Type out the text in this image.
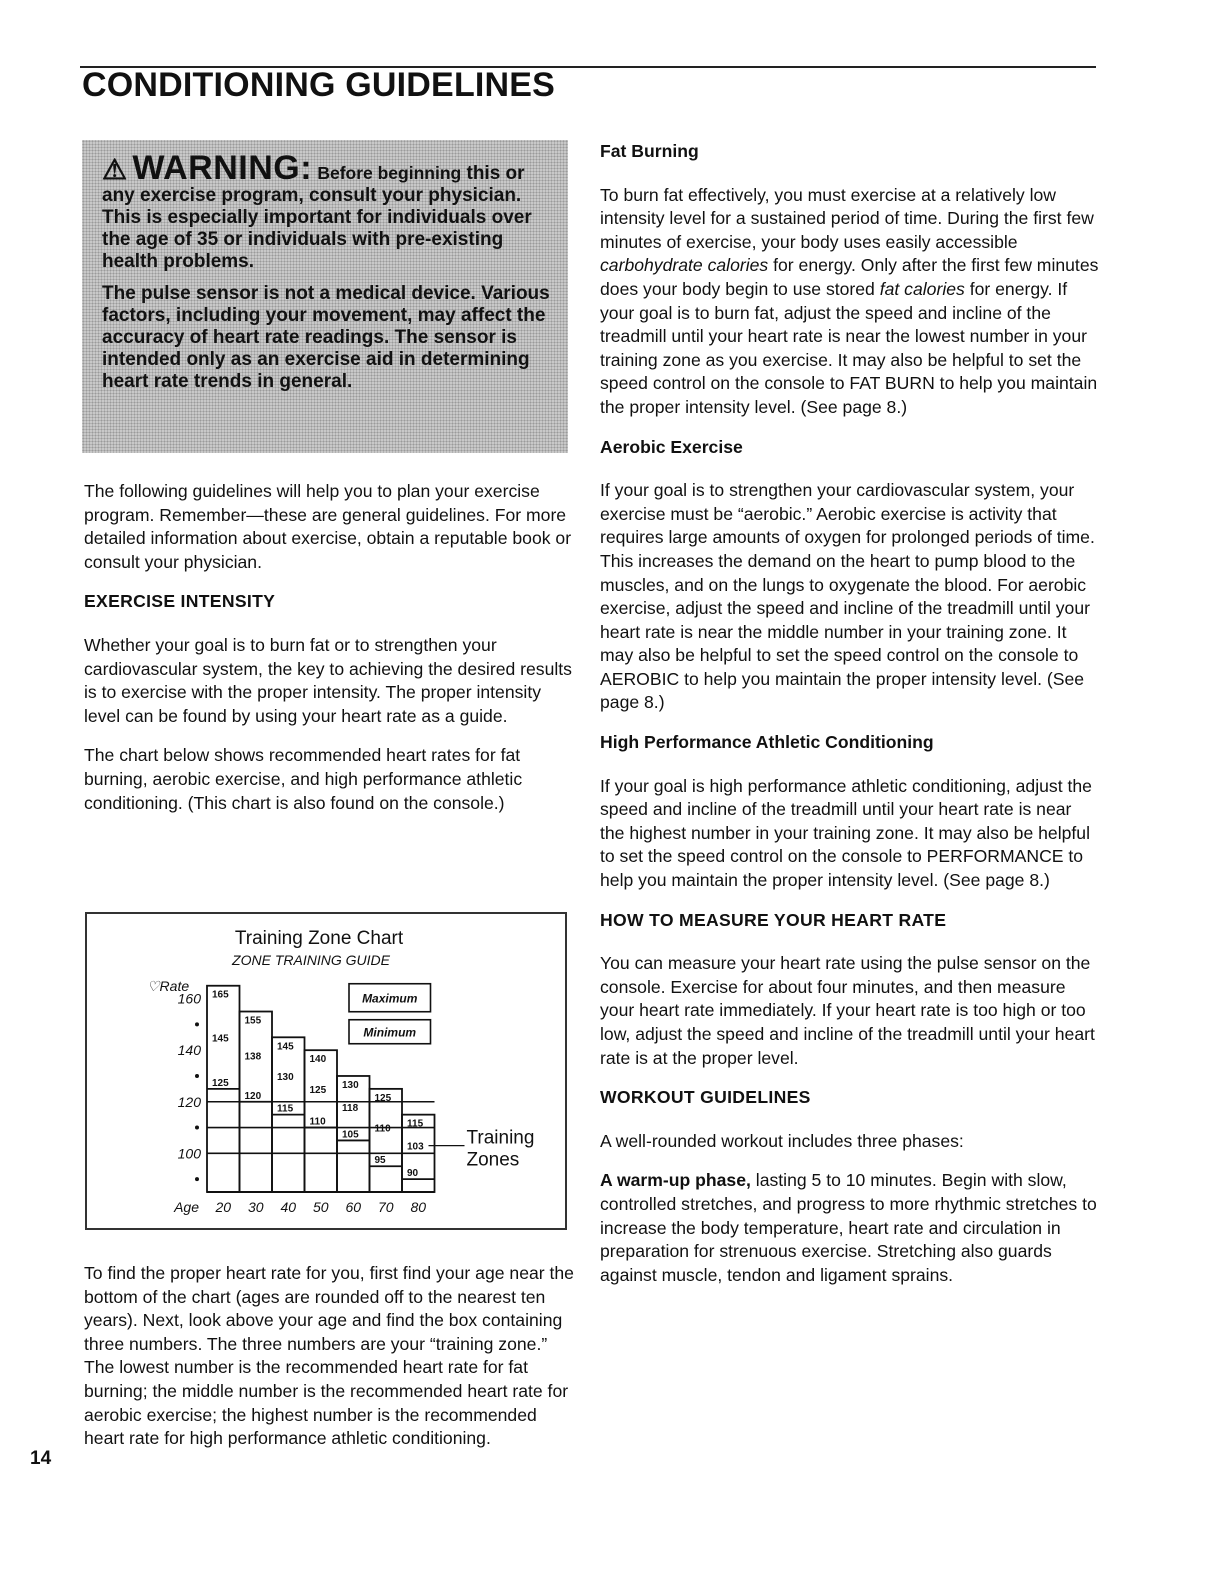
CONDITIONING GUIDELINES

⚠ WARNING: Before beginning this or any exercise program, consult your physician. This is especially important for individuals over the age of 35 or individuals with pre-existing health problems.

The pulse sensor is not a medical device. Various factors, including your movement, may affect the accuracy of heart rate readings. The sensor is intended only as an exercise aid in determining heart rate trends in general.

The following guidelines will help you to plan your exercise program. Remember—these are general guidelines. For more detailed information about exercise, obtain a reputable book or consult your physician.

EXERCISE INTENSITY

Whether your goal is to burn fat or to strengthen your cardiovascular system, the key to achieving the desired results is to exercise with the proper intensity. The proper intensity level can be found by using your heart rate as a guide.

The chart below shows recommended heart rates for fat burning, aerobic exercise, and high performance athletic conditioning. (This chart is also found on the console.)

Training Zone Chart
ZONE TRAINING GUIDE
♡Rate
160
140
120
100
165
145
125
20
155
138
120
30
145
130
115
40
140
125
110
50
130
118
105
60
125
110
95
70
115
103
90
80
Age
Maximum
Minimum
Training
Zones

To find the proper heart rate for you, first find your age near the bottom of the chart (ages are rounded off to the nearest ten years). Next, look above your age and find the box containing three numbers. The three numbers are your “training zone.” The lowest number is the recommended heart rate for fat burning; the middle number is the recommended heart rate for aerobic exercise; the highest number is the recommended heart rate for high performance athletic conditioning.

14
Fat Burning

To burn fat effectively, you must exercise at a relatively low intensity level for a sustained period of time. During the first few minutes of exercise, your body uses easily accessible carbohydrate calories for energy. Only after the first few minutes does your body begin to use stored fat calories for energy. If your goal is to burn fat, adjust the speed and incline of the treadmill until your heart rate is near the lowest number in your training zone as you exercise. It may also be helpful to set the speed control on the console to FAT BURN to help you maintain the proper intensity level. (See page 8.)

Aerobic Exercise

If your goal is to strengthen your cardiovascular system, your exercise must be “aerobic.” Aerobic exercise is activity that requires large amounts of oxygen for prolonged periods of time. This increases the demand on the heart to pump blood to the muscles, and on the lungs to oxygenate the blood. For aerobic exercise, adjust the speed and incline of the treadmill until your heart rate is near the middle number in your training zone. It may also be helpful to set the speed control on the console to AEROBIC to help you maintain the proper intensity level. (See page 8.)

High Performance Athletic Conditioning

If your goal is high performance athletic conditioning, adjust the speed and incline of the treadmill until your heart rate is near the highest number in your training zone. It may also be helpful to set the speed control on the console to PERFORMANCE to help you maintain the proper intensity level. (See page 8.)

HOW TO MEASURE YOUR HEART RATE

You can measure your heart rate using the pulse sensor on the console. Exercise for about four minutes, and then measure your heart rate immediately. If your heart rate is too high or too low, adjust the speed and incline of the treadmill until your heart rate is at the proper level.

WORKOUT GUIDELINES

A well-rounded workout includes three phases:

A warm-up phase, lasting 5 to 10 minutes. Begin with slow, controlled stretches, and progress to more rhythmic stretches to increase the body temperature, heart rate and circulation in preparation for strenuous exercise. Stretching also guards against muscle, tendon and ligament sprains.
